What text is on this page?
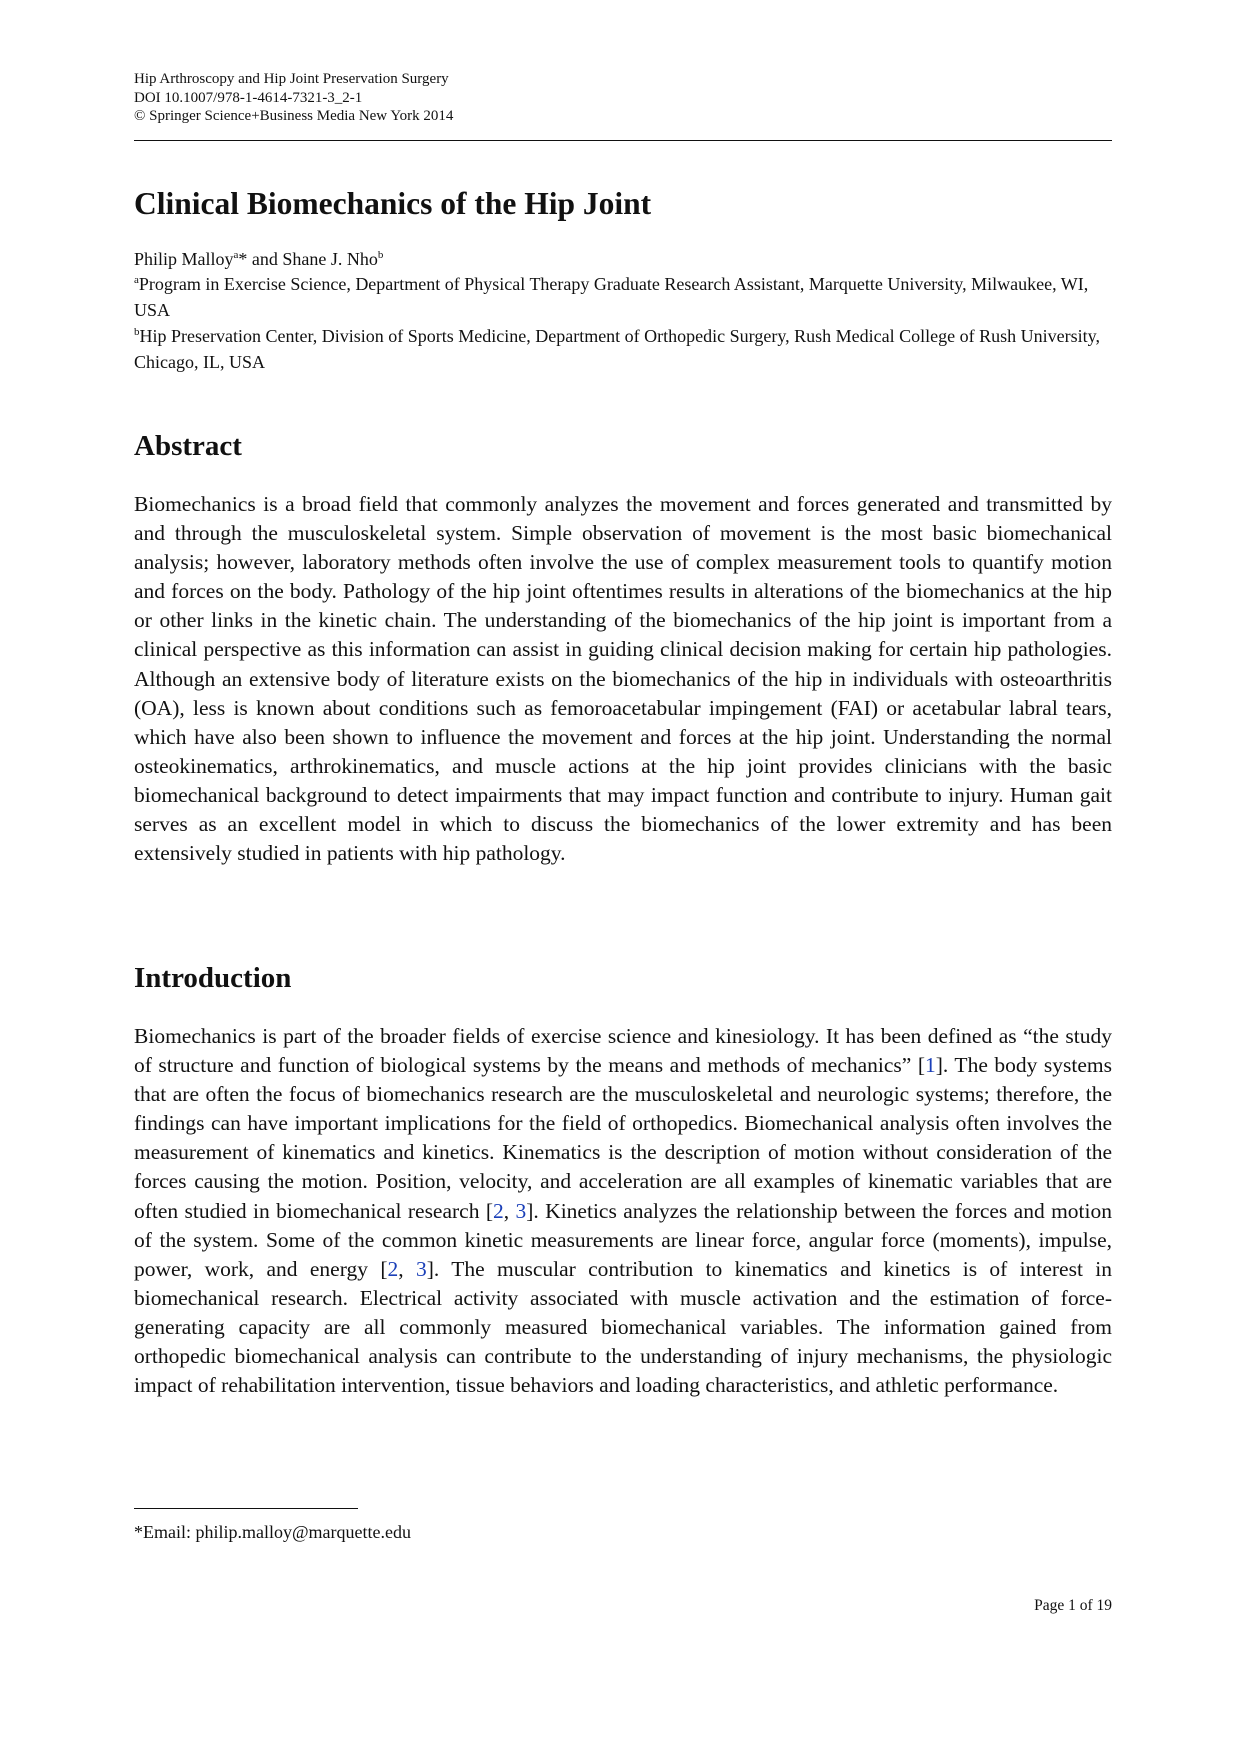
Hip Arthroscopy and Hip Joint Preservation Surgery
DOI 10.1007/978-1-4614-7321-3_2-1
© Springer Science+Business Media New York 2014
Clinical Biomechanics of the Hip Joint
Philip Malloy$^a$* and Shane J. Nho$^b$
$^a$Program in Exercise Science, Department of Physical Therapy Graduate Research Assistant, Marquette University, Milwaukee, WI, USA
$^b$Hip Preservation Center, Division of Sports Medicine, Department of Orthopedic Surgery, Rush Medical College of Rush University, Chicago, IL, USA
Abstract

Biomechanics is a broad field that commonly analyzes the movement and forces generated and transmitted by and through the musculoskeletal system. Simple observation of movement is the most basic biomechanical analysis; however, laboratory methods often involve the use of complex measurement tools to quantify motion and forces on the body. Pathology of the hip joint oftentimes results in alterations of the biomechanics at the hip or other links in the kinetic chain. The understanding of the biomechanics of the hip joint is important from a clinical perspective as this information can assist in guiding clinical decision making for certain hip pathologies. Although an extensive body of literature exists on the biomechanics of the hip in individuals with osteoarthritis (OA), less is known about conditions such as femoroacetabular impingement (FAI) or acetabular labral tears, which have also been shown to influence the movement and forces at the hip joint. Understanding the normal osteokinematics, arthrokinematics, and muscle actions at the hip joint provides clinicians with the basic biomechanical background to detect impairments that may impact function and contribute to injury. Human gait serves as an excellent model in which to discuss the biomechanics of the lower extremity and has been extensively studied in patients with hip pathology.

Introduction

Biomechanics is part of the broader fields of exercise science and kinesiology. It has been defined as “the study of structure and function of biological systems by the means and methods of mechanics” [1]. The body systems that are often the focus of biomechanics research are the musculoskeletal and neurologic systems; therefore, the findings can have important implications for the field of orthopedics. Biomechanical analysis often involves the measurement of kinematics and kinetics. Kinematics is the description of motion without consideration of the forces causing the motion. Position, velocity, and acceleration are all examples of kinematic variables that are often studied in biomechanical research [2, 3]. Kinetics analyzes the relationship between the forces and motion of the system. Some of the common kinetic measurements are linear force, angular force (moments), impulse, power, work, and energy [2, 3]. The muscular contribution to kinematics and kinetics is of interest in biomechanical research. Electrical activity associated with muscle activation and the estimation of force-generating capacity are all commonly measured biomechanical variables. The information gained from orthopedic biomechanical analysis can contribute to the understanding of injury mechanisms, the physiologic impact of rehabilitation intervention, tissue behaviors and loading characteristics, and athletic performance.

*Email: philip.malloy@marquette.edu
Page 1 of 19
